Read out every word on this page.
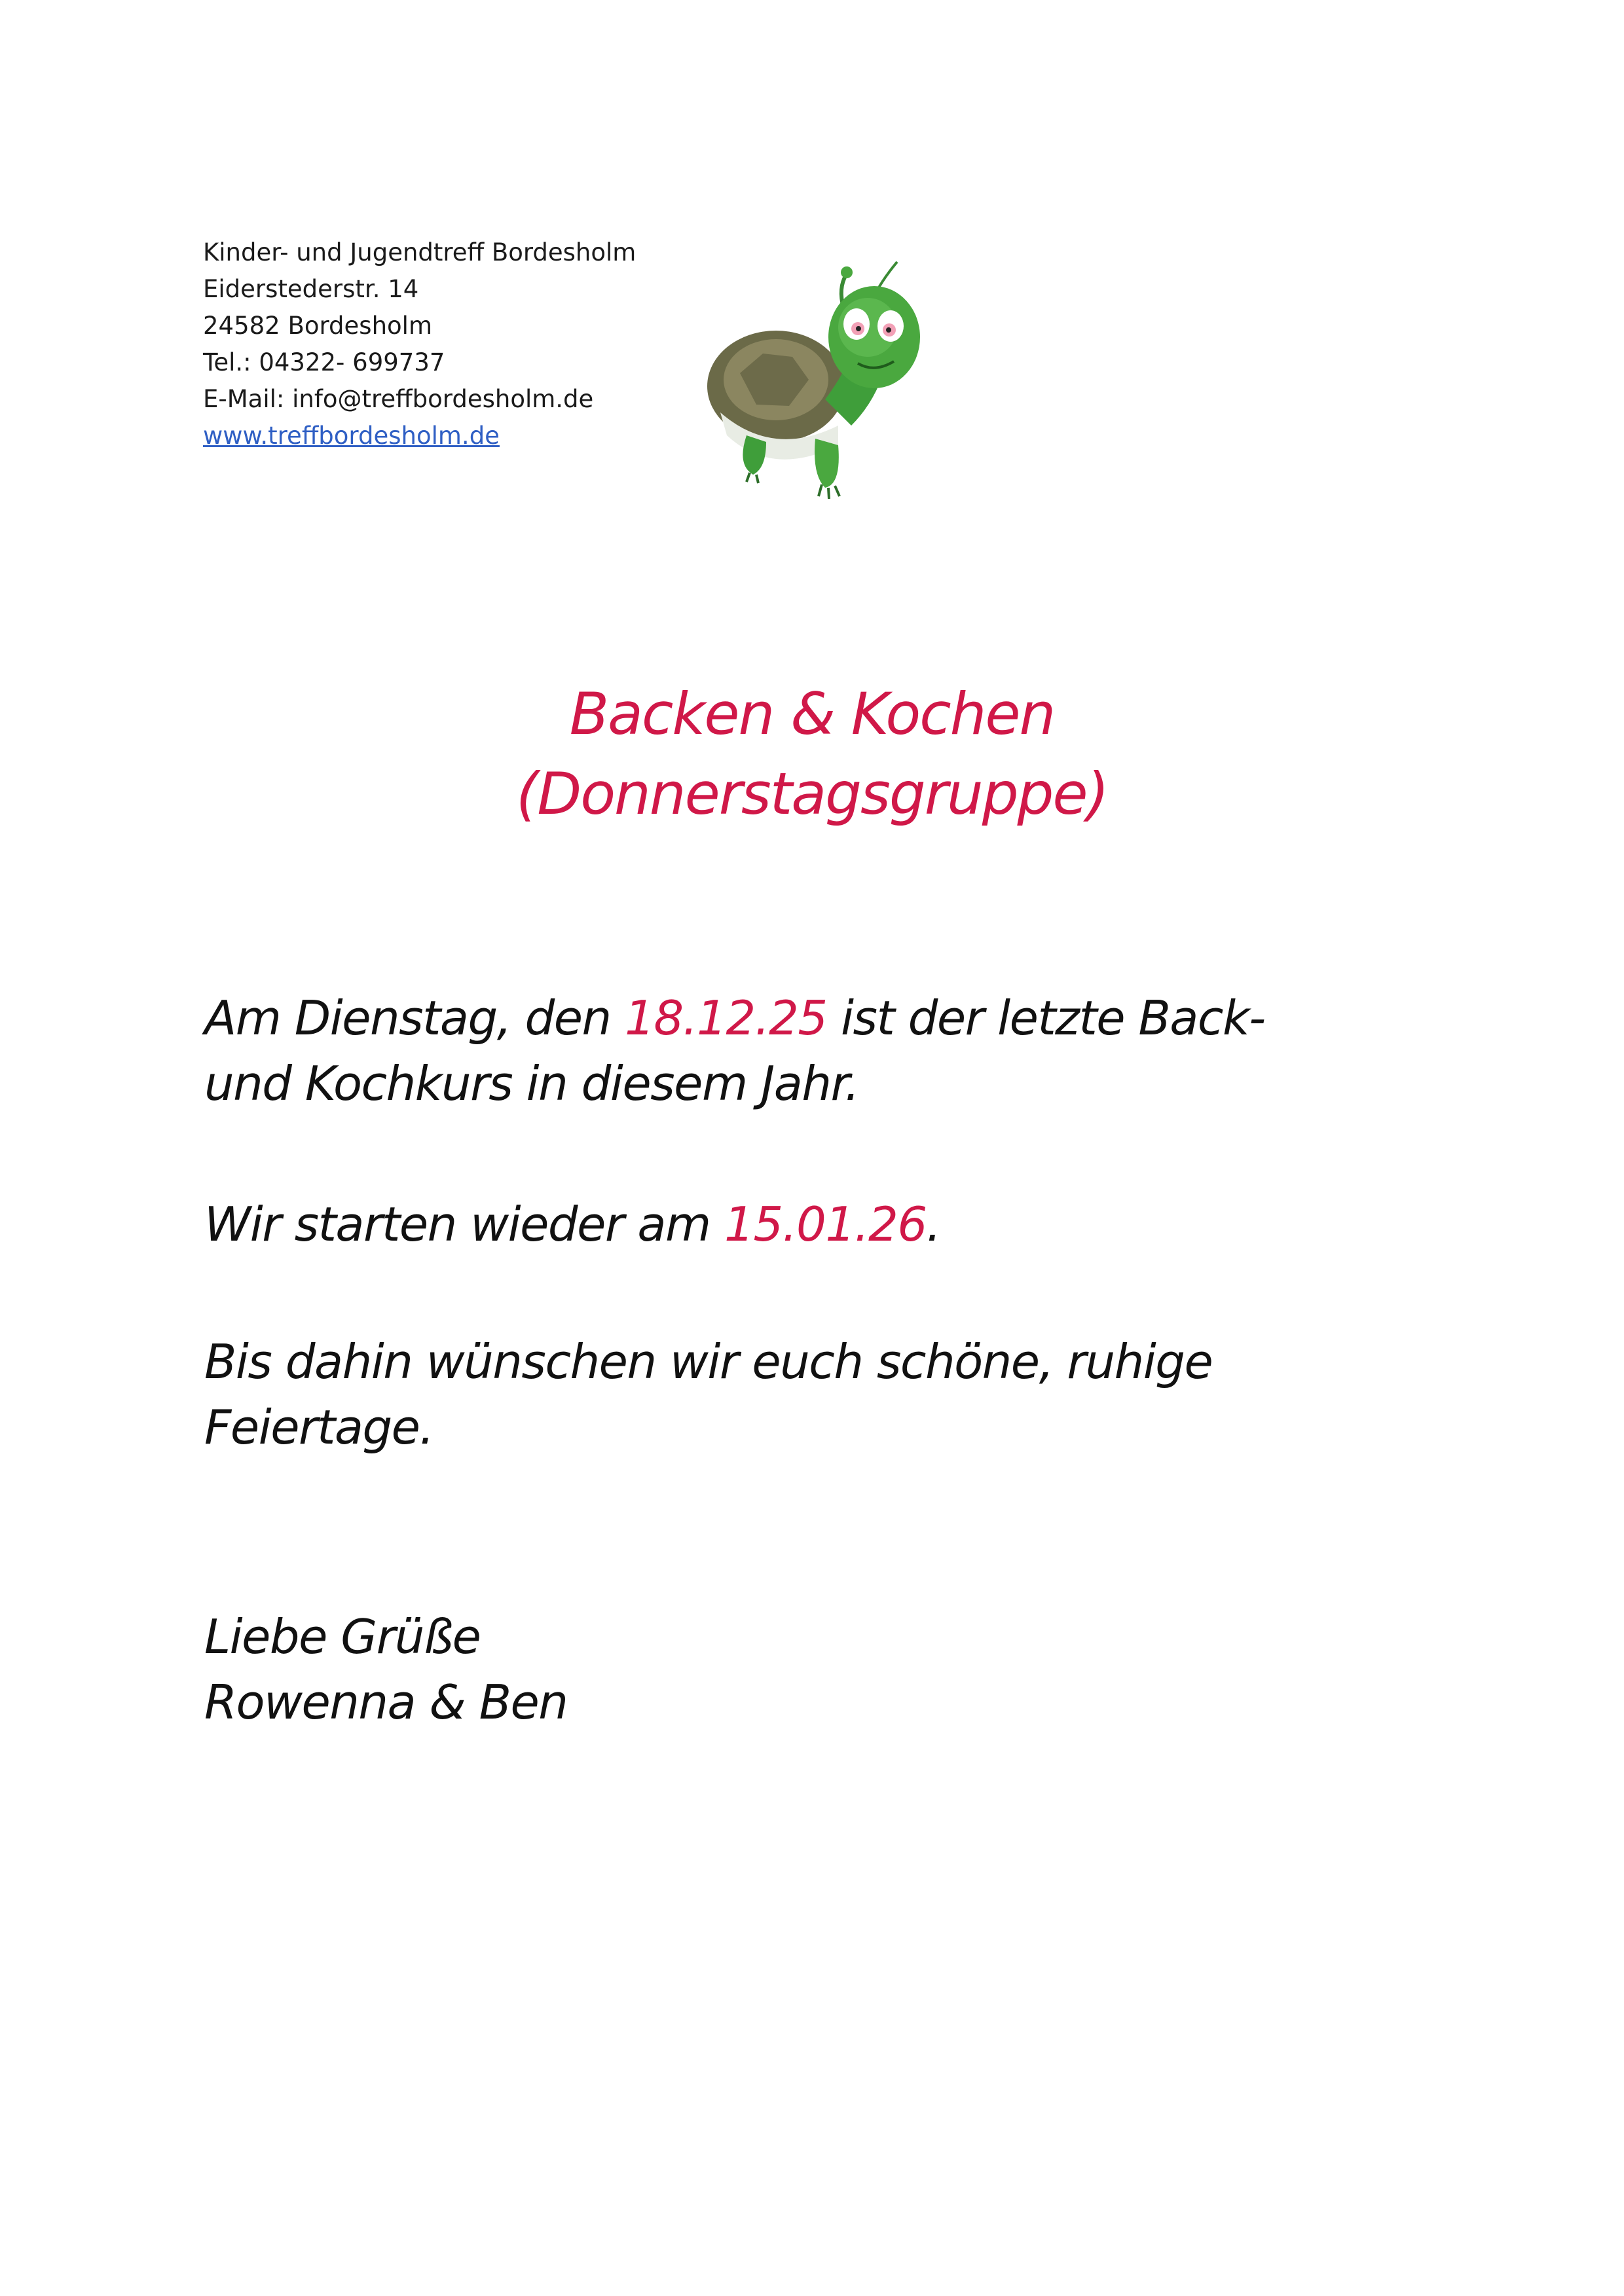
Kinder- und Jugendtreff Bordesholm
Eiderstederstr. 14
24582 Bordesholm
Tel.: 04322- 699737
E-Mail: info@treffbordesholm.de
www.treffbordesholm.de
Backen & Kochen
(Donnerstagsgruppe)
Am Dienstag, den 18.12.25 ist der letzte Back-
und Kochkurs in diesem Jahr.
Wir starten wieder am 15.01.26.
Bis dahin wünschen wir euch schöne, ruhige
Feiertage.
Liebe Grüße
Rowenna & Ben
